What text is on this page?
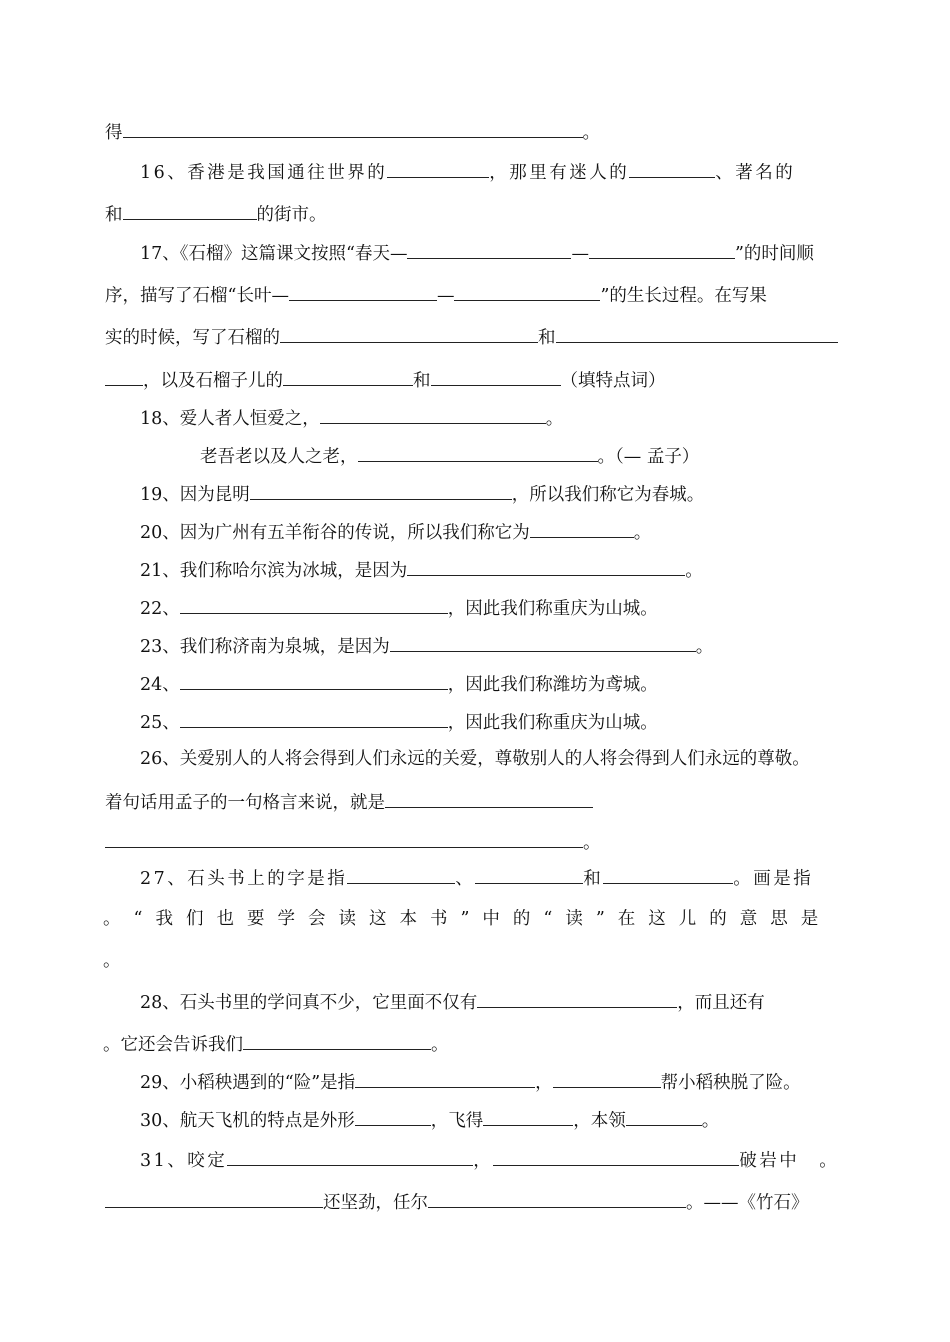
得	。
16、香港是我国通往世界的	，那里有迷人的	、著名的
和	的街市。
17、《石榴》这篇课文按照“春天—	—	”的时间顺
序，描写了石榴“长叶—	—	”的生长过程。在写果
实的时候，写了石榴的	和
，以及石榴子儿的	和	（填特点词）
18、爱人者人恒爱之，	。
老吾老以及人之老，	。（— 孟子）
19、因为昆明	，所以我们称它为春城。
20、因为广州有五羊衔谷的传说，所以我们称它为	。
21、我们称哈尔滨为冰城，是因为	。
22、	，因此我们称重庆为山城。
23、我们称济南为泉城，是因为	。
24、	，因此我们称潍坊为鸢城。
25、	，因此我们称重庆为山城。
26、关爱别人的人将会得到人们永远的关爱，尊敬别人的人将会得到人们永远的尊敬。
着句话用孟子的一句格言来说，就是
。
27、石头书上的字是指	、	和	。画是指
。“我们也要学会读这本书”中的“读”在这儿的意思是
。
28、石头书里的学问真不少，它里面不仅有	，而且还有
。它还会告诉我们	。
29、小稻秧遇到的“险”是指	，	帮小稻秧脱了险。
30、航天飞机的特点是外形	，飞得	，本领	。
31、咬定	，	破岩中　。
还坚劲，任尔	。——《竹石》
